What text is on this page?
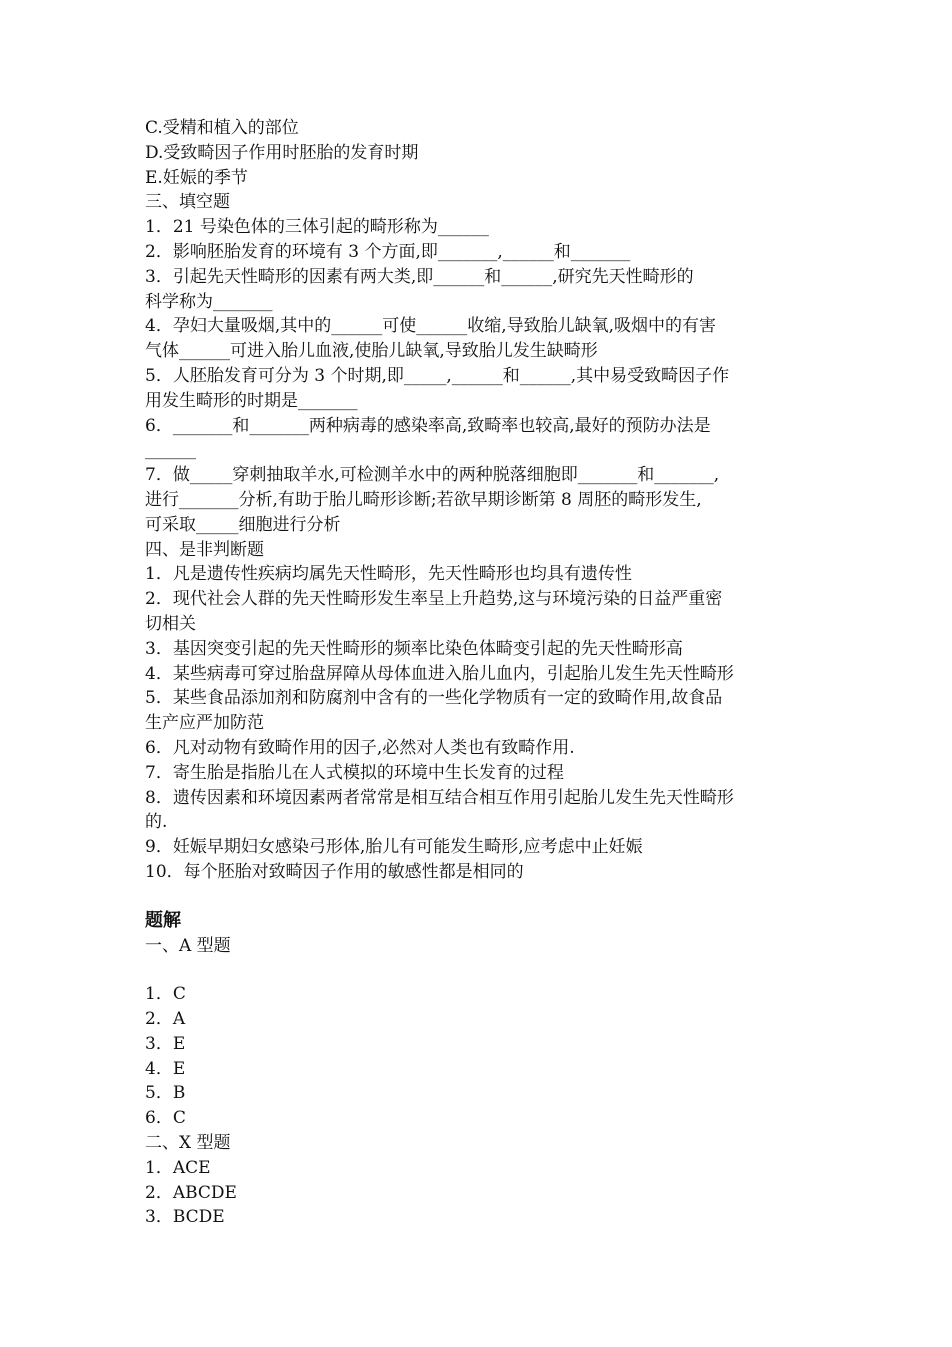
C.受精和植入的部位
D.受致畸因子作用时胚胎的发育时期
E.妊娠的季节
三、填空题
1．21 号染色体的三体引起的畸形称为______
2．影响胚胎发育的环境有 3 个方面,即_______,______和_______
3．引起先天性畸形的因素有两大类,即______和______,研究先天性畸形的
科学称为_______
4．孕妇大量吸烟,其中的______可使______收缩,导致胎儿缺氧,吸烟中的有害
气体______可进入胎儿血液,使胎儿缺氧,导致胎儿发生缺畸形
5．人胚胎发育可分为 3 个时期,即_____,______和______,其中易受致畸因子作
用发生畸形的时期是_______
6．_______和_______两种病毒的感染率高,致畸率也较高,最好的预防办法是
______
7．做_____穿刺抽取羊水,可检测羊水中的两种脱落细胞即_______和_______,
进行_______分析,有助于胎儿畸形诊断;若欲早期诊断第 8 周胚的畸形发生,
可采取_____细胞进行分析
四、是非判断题
1．凡是遗传性疾病均属先天性畸形，先天性畸形也均具有遗传性
2．现代社会人群的先天性畸形发生率呈上升趋势,这与环境污染的日益严重密
切相关
3．基因突变引起的先天性畸形的频率比染色体畸变引起的先天性畸形高
4．某些病毒可穿过胎盘屏障从母体血进入胎儿血内，引起胎儿发生先天性畸形
5．某些食品添加剂和防腐剂中含有的一些化学物质有一定的致畸作用,故食品
生产应严加防范
6．凡对动物有致畸作用的因子,必然对人类也有致畸作用.
7．寄生胎是指胎儿在人式模拟的环境中生长发育的过程
8．遗传因素和环境因素两者常常是相互结合相互作用引起胎儿发生先天性畸形
的.
9．妊娠早期妇女感染弓形体,胎儿有可能发生畸形,应考虑中止妊娠
10．每个胚胎对致畸因子作用的敏感性都是相同的
题解
一、A 型题
1．C
2．A
3．E
4．E
5．B
6．C
二、X 型题
1．ACE
2．ABCDE
3．BCDE
